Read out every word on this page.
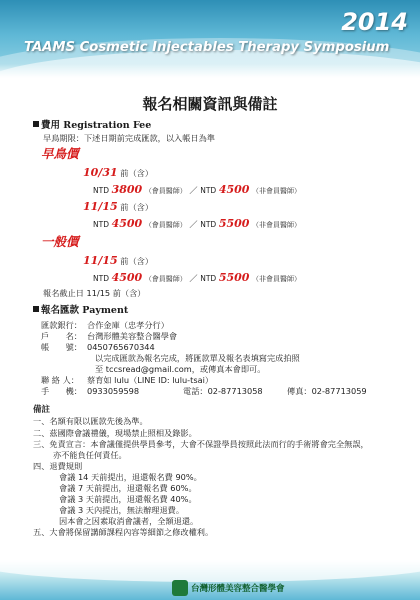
2014
TAAMS Cosmetic Injectables Therapy Symposium
報名相關資訊與備註
費用 Registration Fee
早鳥期限：下述日期前完成匯款，以入帳日為準
早鳥價
10/31 前（含）
NTD 3800 （會員醫師） ／ NTD 4500 （非會員醫師）
11/15 前（含）
NTD 4500 （會員醫師） ／ NTD 5500 （非會員醫師）
一般價
11/15 前（含）
NTD 4500 （會員醫師） ／ NTD 5500 （非會員醫師）
報名截止日 11/15 前（含）
報名匯款 Payment
匯款銀行： 合作金庫（忠孝分行）
戶　　名： 台灣形體美容整合醫學會
帳　　號： 0450765670344
以完成匯款為報名完成，將匯款單及報名表填寫完成拍照
至 tccsread@gmail.com，或傳真本會即可。
聯 絡 人： 蔡育如 lulu（LINE ID: lulu-tsai）
手　　機： 0933059598	電話：02-87713058	傳真：02-87713059
備註
一、名額有限以匯款先後為準。
二、茲國際會議禮儀，現場禁止照相及錄影。
三、免責宣言：本會議僅提供學員參考，大會不保證學員按照此法而行的手術將會完全無誤，
亦不能負任何責任。
四、退費規則
會議 14 天前提出，退還報名費 90%。
會議 7 天前提出，退還報名費 60%。
會議 3 天前提出，退還報名費 40%。
會議 3 天內提出，無法辦理退費。
因本會之因素取消會議者，全額退還。
五、大會將保留講師課程內容等細節之修改權利。
台灣形體美容整合醫學會
